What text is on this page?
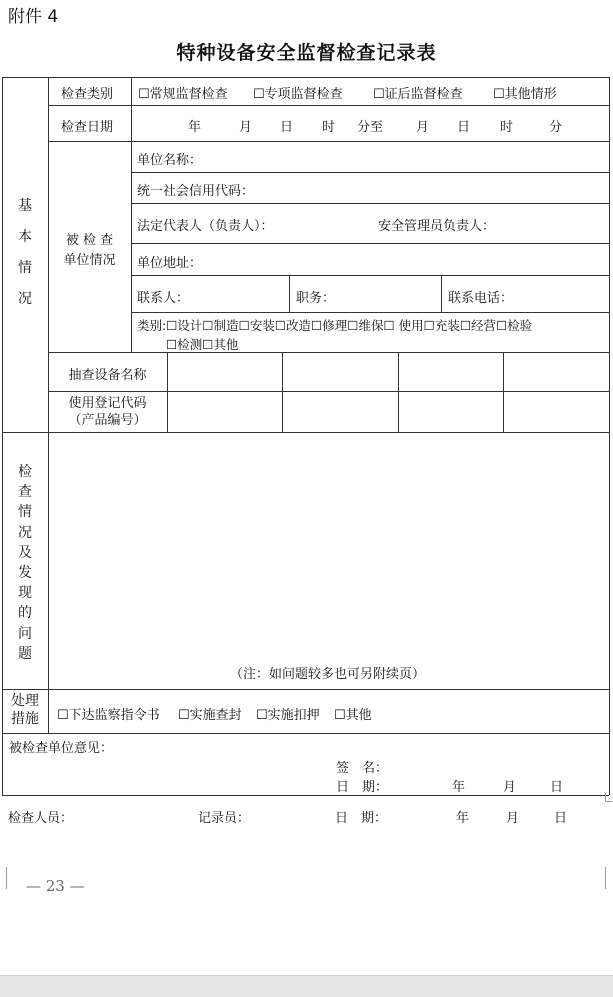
附件 4
特种设备安全监督检查记录表
基
本
情
况
检查类别 ☐常规监督检查 ☐专项监督检查 ☐证后监督检查 ☐其他情形
检查日期	年	月 日 时 分至	月 日 时	分
被 检 查
单位情况
单位名称：
统一社会信用代码：
法定代表人（负责人）：	安全管理员负责人：
单位地址：
联系人：	职务：	联系电话：
类别:☐设计☐制造☐安装☐改造☐修理☐维保☐ 使用☐充装☐经营☐检验
☐检测☐其他
抽查设备名称
使用登记代码
（产品编号）
检
查
情
况
及
发
现
的
问
题
（注：如问题较多也可另附续页）
处理
措施	☐下达监察指令书 ☐实施查封 ☐实施扣押 ☐其他
被检查单位意见：
签　名：
日　期：	年	月	日
检查人员：	记录员：	日　期：	年	月	日
— 23 —
